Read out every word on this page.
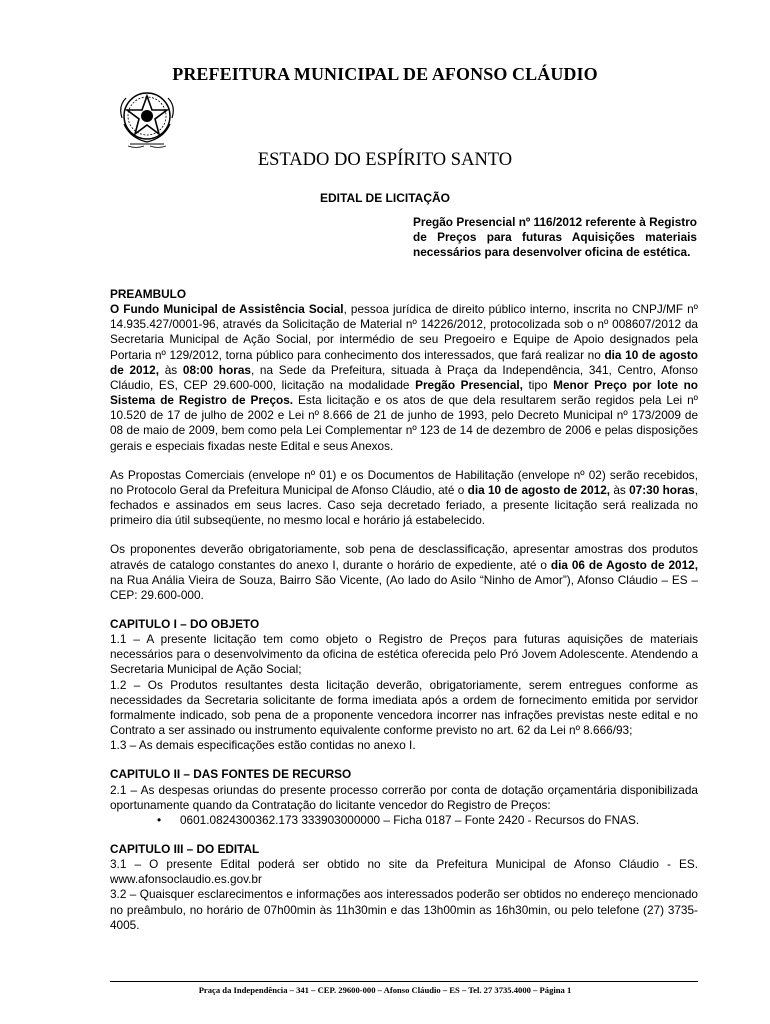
PREFEITURA MUNICIPAL DE AFONSO CLÁUDIO
ESTADO DO ESPÍRITO SANTO
EDITAL DE LICITAÇÃO
Pregão Presencial nº 116/2012 referente à Registro de Preços para futuras Aquisições materiais necessários para desenvolver oficina de estética.

PREAMBULO

O Fundo Municipal de Assistência Social, pessoa jurídica de direito público interno, inscrita no CNPJ/MF nº 14.935.427/0001-96, através da Solicitação de Material nº 14226/2012, protocolizada sob o nº 008607/2012 da Secretaria Municipal de Ação Social, por intermédio de seu Pregoeiro e Equipe de Apoio designados pela Portaria nº 129/2012, torna público para conhecimento dos interessados, que fará realizar no dia 10 de agosto de 2012, às 08:00 horas, na Sede da Prefeitura, situada à Praça da Independência, 341, Centro, Afonso Cláudio, ES, CEP 29.600-000, licitação na modalidade Pregão Presencial, tipo Menor Preço por lote no Sistema de Registro de Preços. Esta licitação e os atos de que dela resultarem serão regidos pela Lei nº 10.520 de 17 de julho de 2002 e Lei nº 8.666 de 21 de junho de 1993, pelo Decreto Municipal nº 173/2009 de 08 de maio de 2009, bem como pela Lei Complementar nº 123 de 14 de dezembro de 2006 e pelas disposições gerais e especiais fixadas neste Edital e seus Anexos.

As Propostas Comerciais (envelope nº 01) e os Documentos de Habilitação (envelope nº 02) serão recebidos, no Protocolo Geral da Prefeitura Municipal de Afonso Cláudio, até o dia 10 de agosto de 2012, às 07:30 horas, fechados e assinados em seus lacres. Caso seja decretado feriado, a presente licitação será realizada no primeiro dia útil subseqüente, no mesmo local e horário já estabelecido.

Os proponentes deverão obrigatoriamente, sob pena de desclassificação, apresentar amostras dos produtos através de catalogo constantes do anexo I, durante o horário de expediente, até o dia 06 de Agosto de 2012, na Rua Anália Vieira de Souza, Bairro São Vicente, (Ao lado do Asilo “Ninho de Amor”), Afonso Cláudio – ES – CEP: 29.600-000.

CAPITULO I – DO OBJETO

1.1 – A presente licitação tem como objeto o Registro de Preços para futuras aquisições de materiais necessários para o desenvolvimento da oficina de estética oferecida pelo Pró Jovem Adolescente. Atendendo a Secretaria Municipal de Ação Social;

1.2 – Os Produtos resultantes desta licitação deverão, obrigatoriamente, serem entregues conforme as necessidades da Secretaria solicitante de forma imediata após a ordem de fornecimento emitida por servidor formalmente indicado, sob pena de a proponente vencedora incorrer nas infrações previstas neste edital e no Contrato a ser assinado ou instrumento equivalente conforme previsto no art. 62 da Lei nº 8.666/93;

1.3 – As demais especificações estão contidas no anexo I.

CAPITULO II – DAS FONTES DE RECURSO

2.1 – As despesas oriundas do presente processo correrão por conta de dotação orçamentária disponibilizada oportunamente quando da Contratação do licitante vencedor do Registro de Preços:

• 0601.0824300362.173 333903000000 – Ficha 0187 – Fonte 2420 - Recursos do FNAS.

CAPITULO III – DO EDITAL

3.1 – O presente Edital poderá ser obtido no site da Prefeitura Municipal de Afonso Cláudio - ES. www.afonsoclaudio.es.gov.br

3.2 – Quaisquer esclarecimentos e informações aos interessados poderão ser obtidos no endereço mencionado no preâmbulo, no horário de 07h00min às 11h30min e das 13h00min as 16h30min, ou pelo telefone (27) 3735-4005.

Praça da Independência – 341 – CEP. 29600-000 – Afonso Cláudio – ES – Tel. 27 3735.4000 – Página 1
